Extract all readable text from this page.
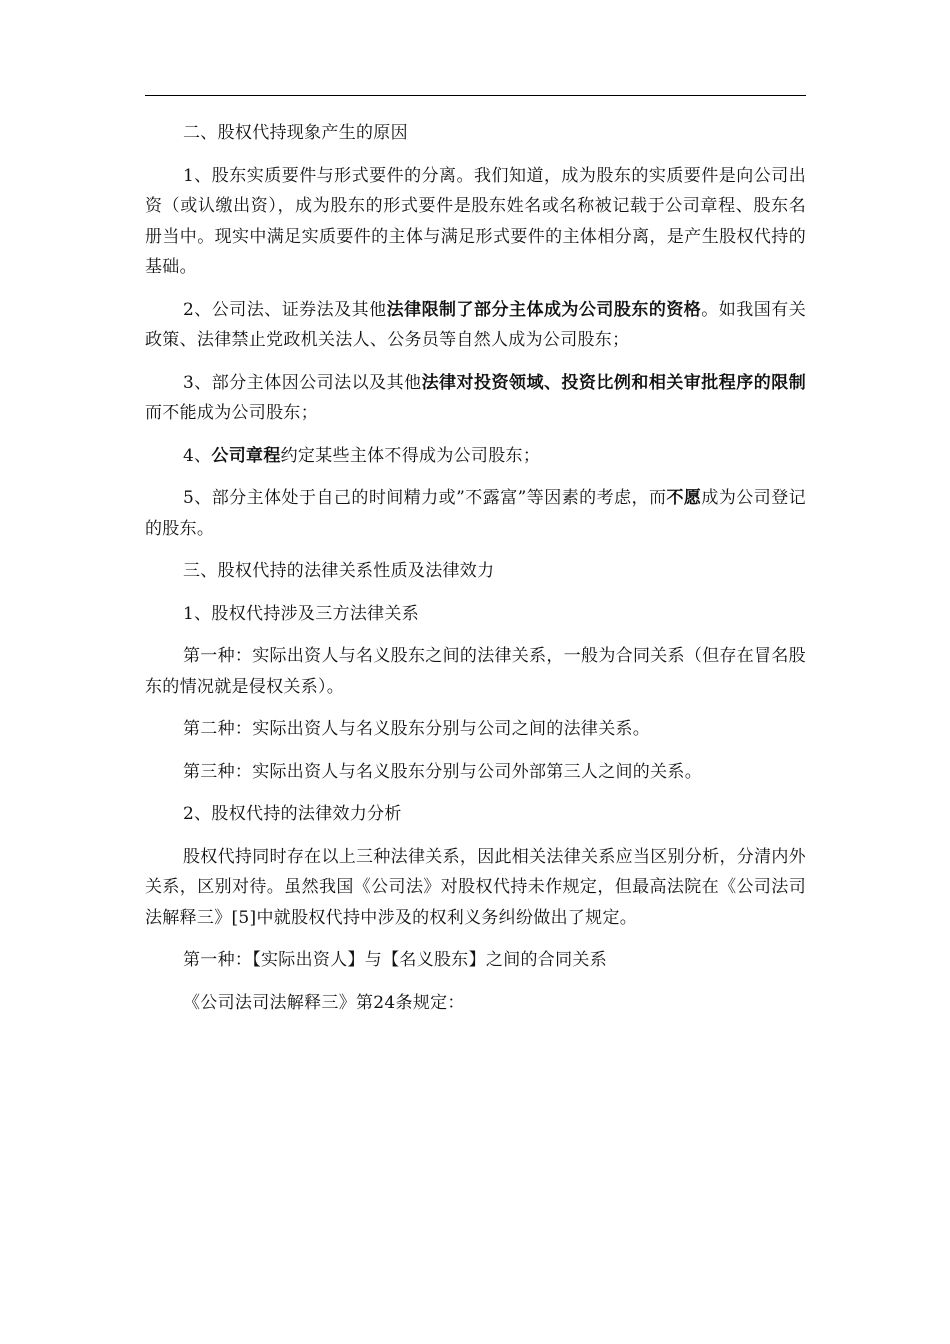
二、股权代持现象产生的原因

1、股东实质要件与形式要件的分离。我们知道，成为股东的实质要件是向公司出资（或认缴出资），成为股东的形式要件是股东姓名或名称被记载于公司章程、股东名册当中。现实中满足实质要件的主体与满足形式要件的主体相分离，是产生股权代持的基础。

2、公司法、证券法及其他法律限制了部分主体成为公司股东的资格。如我国有关政策、法律禁止党政机关法人、公务员等自然人成为公司股东；

3、部分主体因公司法以及其他法律对投资领域、投资比例和相关审批程序的限制而不能成为公司股东；

4、公司章程约定某些主体不得成为公司股东；

5、部分主体处于自己的时间精力或”不露富”等因素的考虑，而不愿成为公司登记的股东。

三、股权代持的法律关系性质及法律效力

1、股权代持涉及三方法律关系

第一种：实际出资人与名义股东之间的法律关系，一般为合同关系（但存在冒名股东的情况就是侵权关系）。

第二种：实际出资人与名义股东分别与公司之间的法律关系。

第三种：实际出资人与名义股东分别与公司外部第三人之间的关系。

2、股权代持的法律效力分析

股权代持同时存在以上三种法律关系，因此相关法律关系应当区别分析，分清内外关系，区别对待。虽然我国《公司法》对股权代持未作规定，但最高法院在《公司法司法解释三》[5]中就股权代持中涉及的权利义务纠纷做出了规定。

第一种：【实际出资人】与【名义股东】之间的合同关系

《公司法司法解释三》第24条规定：
